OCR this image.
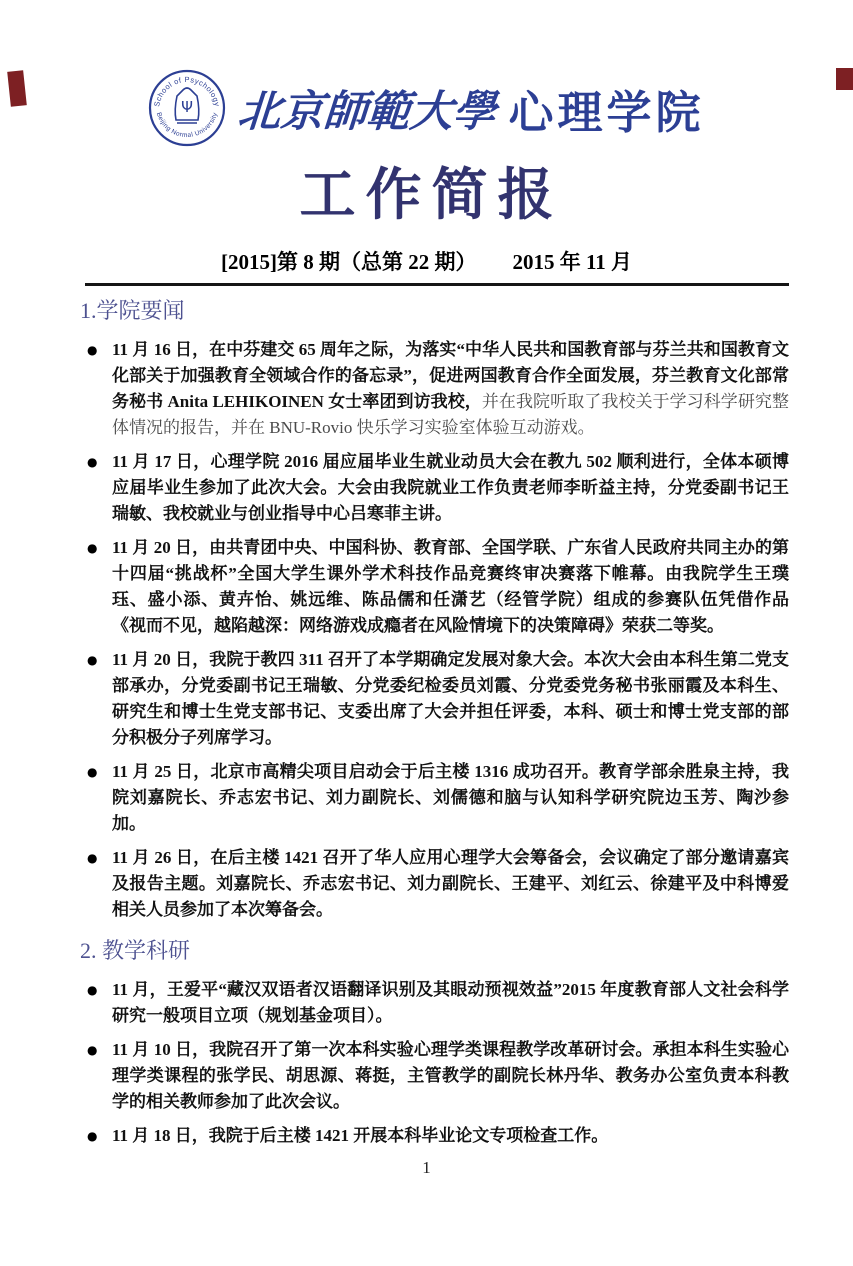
School of Psychology
Beijing Normal University
Ψ 北京師範大學 心理学院
工作简报
[2015]第 8 期（总第 22 期） 2015 年 11 月
1.学院要闻
● 11 月 16 日，在中芬建交 65 周年之际，为落实“中华人民共和国教育部与芬兰共和国教育文化部关于加强教育全领域合作的备忘录”，促进两国教育合作全面发展，芬兰教育文化部常务秘书 Anita LEHIKOINEN 女士率团到访我校，并在我院听取了我校关于学习科学研究整体情况的报告，并在 BNU-Rovio 快乐学习实验室体验互动游戏。
● 11 月 17 日，心理学院 2016 届应届毕业生就业动员大会在教九 502 顺利进行，全体本硕博应届毕业生参加了此次大会。大会由我院就业工作负责老师李昕益主持，分党委副书记王瑞敏、我校就业与创业指导中心吕寒菲主讲。
● 11 月 20 日，由共青团中央、中国科协、教育部、全国学联、广东省人民政府共同主办的第十四届“挑战杯”全国大学生课外学术科技作品竞赛终审决赛落下帷幕。由我院学生王璞珏、盛小添、黄卉怡、姚远维、陈品儒和任潇艺（经管学院）组成的参赛队伍凭借作品《视而不见，越陷越深：网络游戏成瘾者在风险情境下的决策障碍》荣获二等奖。
● 11 月 20 日，我院于教四 311 召开了本学期确定发展对象大会。本次大会由本科生第二党支部承办，分党委副书记王瑞敏、分党委纪检委员刘霞、分党委党务秘书张丽霞及本科生、研究生和博士生党支部书记、支委出席了大会并担任评委，本科、硕士和博士党支部的部分积极分子列席学习。
● 11 月 25 日，北京市高精尖项目启动会于后主楼 1316 成功召开。教育学部余胜泉主持，我院刘嘉院长、乔志宏书记、刘力副院长、刘儒德和脑与认知科学研究院边玉芳、陶沙参加。
● 11 月 26 日，在后主楼 1421 召开了华人应用心理学大会筹备会，会议确定了部分邀请嘉宾及报告主题。刘嘉院长、乔志宏书记、刘力副院长、王建平、刘红云、徐建平及中科博爱相关人员参加了本次筹备会。
2. 教学科研
● 11 月，王爱平“藏汉双语者汉语翻译识别及其眼动预视效益”2015 年度教育部人文社会科学研究一般项目立项（规划基金项目）。
● 11 月 10 日，我院召开了第一次本科实验心理学类课程教学改革研讨会。承担本科生实验心理学类课程的张学民、胡思源、蒋挺，主管教学的副院长林丹华、教务办公室负责本科教学的相关教师参加了此次会议。
● 11 月 18 日，我院于后主楼 1421 开展本科毕业论文专项检查工作。
1
